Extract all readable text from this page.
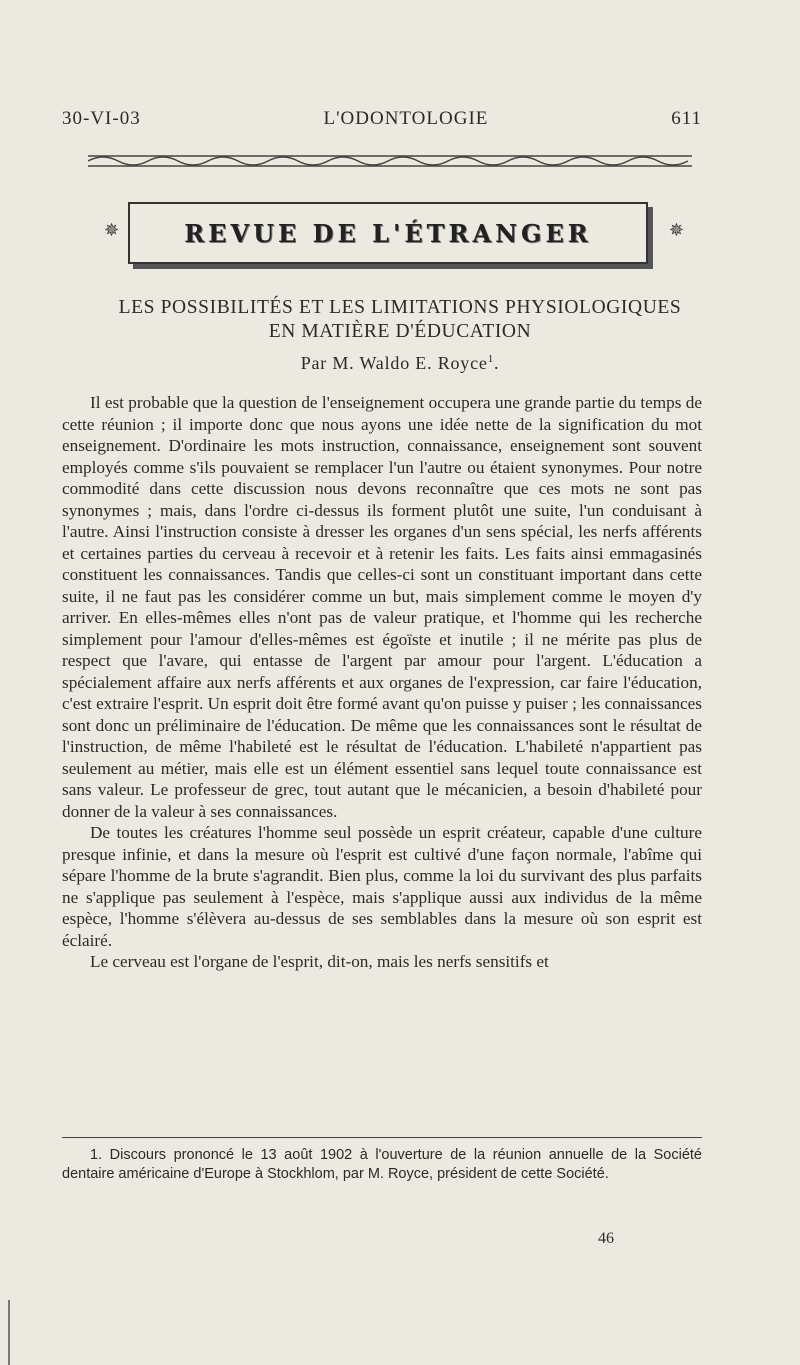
30-VI-03	L'ODONTOLOGIE	611
✵	REVUE DE L'ÉTRANGER	✵
LES POSSIBILITÉS ET LES LIMITATIONS PHYSIOLOGIQUES
EN MATIÈRE D'ÉDUCATION
Par M. Waldo E. Royce$^1$.

Il est probable que la question de l'enseignement occupera une grande partie du temps de cette réunion ; il importe donc que nous ayons une idée nette de la signification du mot enseignement. D'ordinaire les mots instruction, connaissance, enseignement sont souvent employés comme s'ils pouvaient se remplacer l'un l'autre ou étaient synonymes. Pour notre commodité dans cette discussion nous devons reconnaître que ces mots ne sont pas synonymes ; mais, dans l'ordre ci-dessus ils forment plutôt une suite, l'un conduisant à l'autre. Ainsi l'instruction consiste à dresser les organes d'un sens spécial, les nerfs afférents et certaines parties du cerveau à recevoir et à retenir les faits. Les faits ainsi emmagasinés constituent les connaissances. Tandis que celles-ci sont un constituant important dans cette suite, il ne faut pas les considérer comme un but, mais simplement comme le moyen d'y arriver. En elles-mêmes elles n'ont pas de valeur pratique, et l'homme qui les recherche simplement pour l'amour d'elles-mêmes est égoïste et inutile ; il ne mérite pas plus de respect que l'avare, qui entasse de l'argent par amour pour l'argent. L'éducation a spécialement affaire aux nerfs afférents et aux organes de l'expression, car faire l'éducation, c'est extraire l'esprit. Un esprit doit être formé avant qu'on puisse y puiser ; les connaissances sont donc un préliminaire de l'éducation. De même que les connaissances sont le résultat de l'instruction, de même l'habileté est le résultat de l'éducation. L'habileté n'appartient pas seulement au métier, mais elle est un élément essentiel sans lequel toute connaissance est sans valeur. Le professeur de grec, tout autant que le mécanicien, a besoin d'habileté pour donner de la valeur à ses connaissances.

De toutes les créatures l'homme seul possède un esprit créateur, capable d'une culture presque infinie, et dans la mesure où l'esprit est cultivé d'une façon normale, l'abîme qui sépare l'homme de la brute s'agrandit. Bien plus, comme la loi du survivant des plus parfaits ne s'applique pas seulement à l'espèce, mais s'applique aussi aux individus de la même espèce, l'homme s'élèvera au-dessus de ses semblables dans la mesure où son esprit est éclairé.

Le cerveau est l'organe de l'esprit, dit-on, mais les nerfs sensitifs et

1. Discours prononcé le 13 août 1902 à l'ouverture de la réunion annuelle de la Société dentaire américaine d'Europe à Stockhlom, par M. Royce, président de cette Société.

46
